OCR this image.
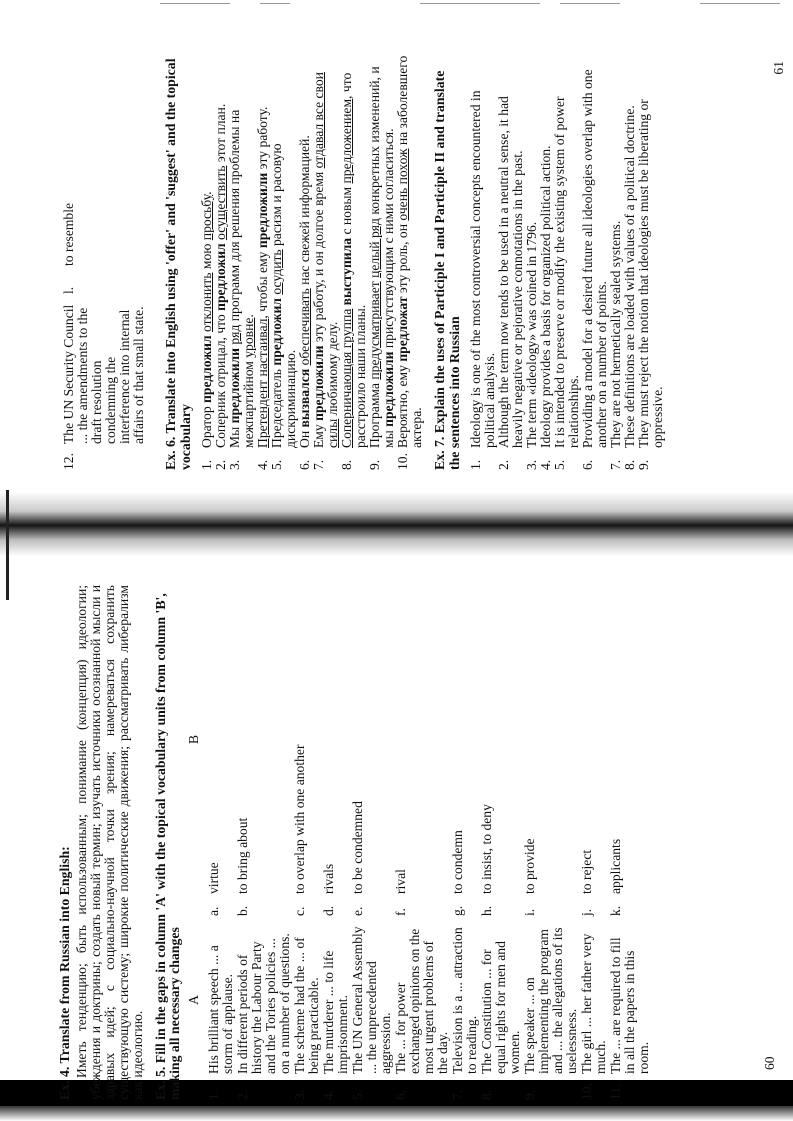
12.
The UN Security Council ... the amendments to the draft resolution condemning the interference into internal affairs of that small state.
l.
to resemble	Ex. 6. Translate into English using 'offer' and 'suggest' and the topical vocabulary 1.
Оратор предложил отклонить мою просьбу.
2.
Соперник отрицал, что предложил осуществить этот план.
3.
Мы предложили ряд программ для решения проблемы на межпартийном уровне.
4.
Претендент настаивал, чтобы ему предложили эту работу.
5.
Председатель предложил осудить расизм и расовую дискриминацию.
6.
Он вызвался обеспечивать нас свежей информацией.
7.
Ему предложили эту работу, и он долгое время отдавал все свои силы любимому делу.
8.
Соперничающая группа выступила с новым предложением, что расстроило наши планы.
9.
Программа предусматривает целый ряд конкретных изменений, и мы предложили присутствующим с ними согласиться.
10.
Вероятно, ему предложат эту роль, он очень похож на заболевшего актера. Ex. 7. Explain the uses of Participle I and Participle II and translate the sentences into Russian 1.
Ideology is one of the most controversial concepts encountered in political analysis.
2.
Although the term now tends to be used in a neutral sense, it had heavily negative or pejorative connotations in the past.
3.
The term «ideology» was coined in 1796.
4.
Ideology provides a basis for organized political action.
5.
It is intended to preserve or modify the existing system of power relationships.
6.
Providing a model for a desired future all ideologies overlap with one another on a number of points.
7.
They are not hermetically sealed systems.
8.
These definitions are loaded with values of a political doctrine.
9.
They must reject the notion that ideologies must be liberating or oppressive.
61
Ex. 4. Translate from Russian into English: Иметь тенденцию; быть использованным; понимание (концепция) идеологии; убеждения и доктрины; создать новый термин; изучать источники осознанной мысли и здравых идей; с социально-научной точки зрения; намереваться сохранить существующую систему; широкие политические движения; рассматривать либерализм как идеологию. Ex. 5. Fill in the gaps in column 'A' with the topical vocabulary units from column 'B', making all necessary changes
	A		B
1.	His brilliant speech ... a storm of applause.	a.	virtue
2.	In different periods of history the Labour Party and the Tories policies ... on a number of questions.	b.	to bring about
3.	The scheme had the ... of being practicable.	c.	to overlap with one another
4.	The murderer ... to life imprisonment.	d.	rivals
5.	The UN General Assembly ... the unprecedented aggression.	e.	to be condemned
6.	The ... for power exchanged opinions on the most urgent problems of the day.	f.	rival
7.	Television is a ... attraction to reading.	g.	to condemn
8.	The Constitution ... for equal rights for men and women.	h.	to insist, to deny
9.	The speaker ... on implementing the program and ... the allegations of its uselessness.	i.	to provide
10.	The girl ... her father very much.	j.	to reject
11.	The ... are required to fill in all the papers in this room.	k.	applicants
60
